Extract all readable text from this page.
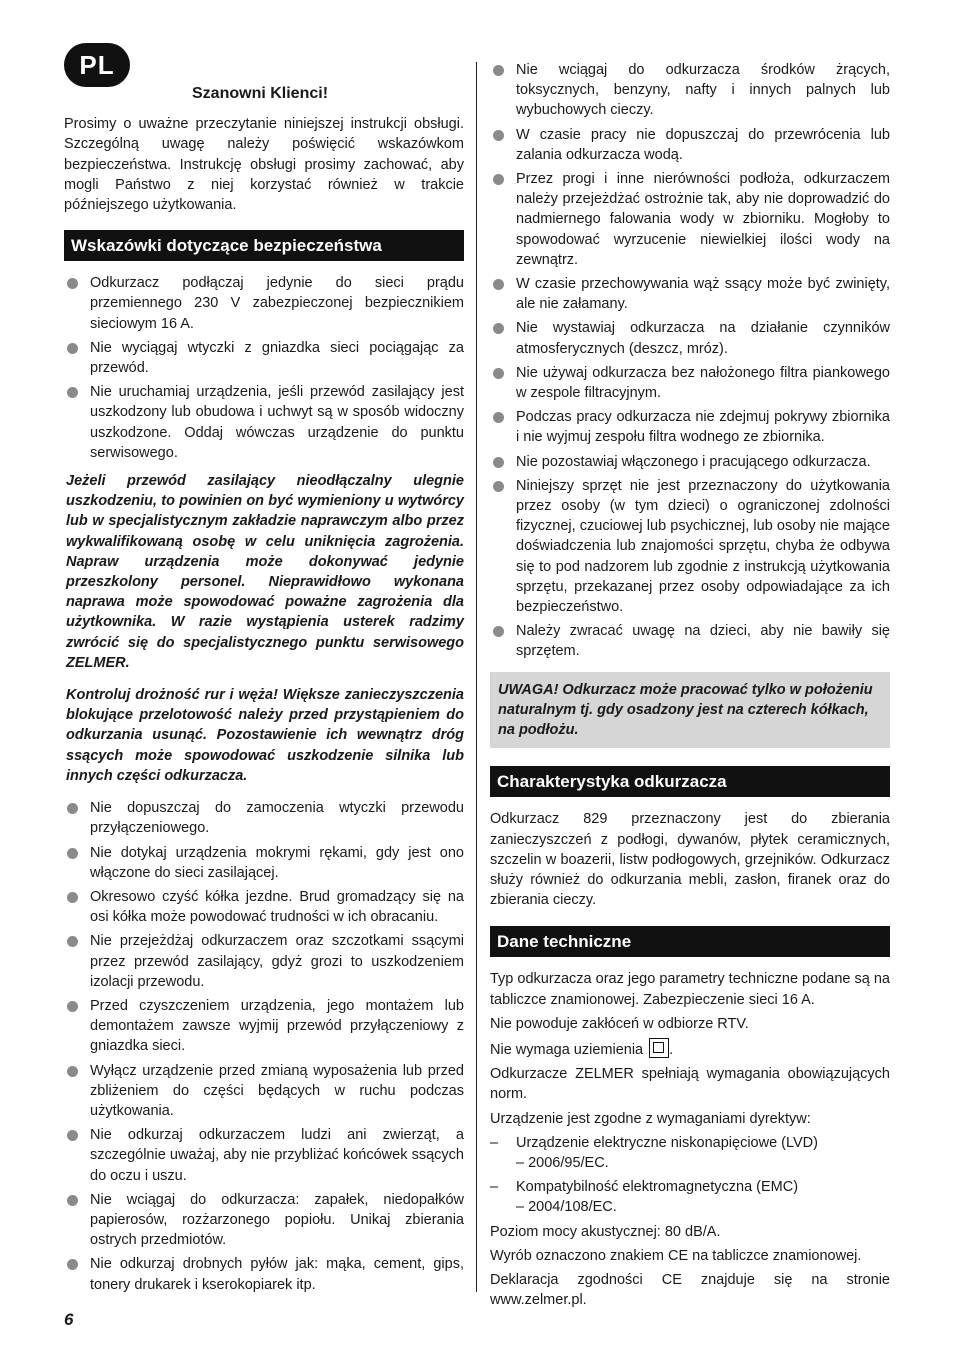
PL
Szanowni Klienci!

Prosimy o uważne przeczytanie niniejszej instrukcji obsługi. Szczególną uwagę należy poświęcić wskazówkom bezpieczeństwa. Instrukcję obsługi prosimy zachować, aby mogli Państwo z niej korzystać również w trakcie późniejszego użytkowania.

Wskazówki dotyczące bezpieczeństwa
Odkurzacz podłączaj jedynie do sieci prądu przemiennego 230 V zabezpieczonej bezpiecznikiem sieciowym 16 A.
Nie wyciągaj wtyczki z gniazdka sieci pociągając za przewód.
Nie uruchamiaj urządzenia, jeśli przewód zasilający jest uszkodzony lub obudowa i uchwyt są w sposób widoczny uszkodzone. Oddaj wówczas urządzenie do punktu serwisowego.

Jeżeli przewód zasilający nieodłączalny ulegnie uszkodzeniu, to powinien on być wymieniony u wytwórcy lub w specjalistycznym zakładzie naprawczym albo przez wykwalifikowaną osobę w celu uniknięcia zagrożenia. Napraw urządzenia może dokonywać jedynie przeszkolony personel. Nieprawidłowo wykonana naprawa może spowodować poważne zagrożenia dla użytkownika. W razie wystąpienia usterek radzimy zwrócić się do specjalistycznego punktu serwisowego ZELMER.

Kontroluj drożność rur i węża! Większe zanieczyszczenia blokujące przelotowość należy przed przystąpieniem do odkurzania usunąć. Pozostawienie ich wewnątrz dróg ssących może spowodować uszkodzenie silnika lub innych części odkurzacza.

Nie dopuszczaj do zamoczenia wtyczki przewodu przyłączeniowego.
Nie dotykaj urządzenia mokrymi rękami, gdy jest ono włączone do sieci zasilającej.
Okresowo czyść kółka jezdne. Brud gromadzący się na osi kółka może powodować trudności w ich obracaniu.
Nie przejeżdżaj odkurzaczem oraz szczotkami ssącymi przez przewód zasilający, gdyż grozi to uszkodzeniem izolacji przewodu.
Przed czyszczeniem urządzenia, jego montażem lub demontażem zawsze wyjmij przewód przyłączeniowy z gniazdka sieci.
Wyłącz urządzenie przed zmianą wyposażenia lub przed zbliżeniem do części będących w ruchu podczas użytkowania.
Nie odkurzaj odkurzaczem ludzi ani zwierząt, a szczególnie uważaj, aby nie przybliżać końcówek ssących do oczu i uszu.
Nie wciągaj do odkurzacza: zapałek, niedopałków papierosów, rozżarzonego popiołu. Unikaj zbierania ostrych przedmiotów.
Nie odkurzaj drobnych pyłów jak: mąka, cement, gips, tonery drukarek i kserokopiarek itp.
Nie wciągaj do odkurzacza środków żrących, toksycznych, benzyny, nafty i innych palnych lub wybuchowych cieczy.
W czasie pracy nie dopuszczaj do przewrócenia lub zalania odkurzacza wodą.
Przez progi i inne nierówności podłoża, odkurzaczem należy przejeżdżać ostrożnie tak, aby nie doprowadzić do nadmiernego falowania wody w zbiorniku. Mogłoby to spowodować wyrzucenie niewielkiej ilości wody na zewnątrz.
W czasie przechowywania wąż ssący może być zwinięty, ale nie załamany.
Nie wystawiaj odkurzacza na działanie czynników atmosferycznych (deszcz, mróz).
Nie używaj odkurzacza bez nałożonego filtra piankowego w zespole filtracyjnym.
Podczas pracy odkurzacza nie zdejmuj pokrywy zbiornika i nie wyjmuj zespołu filtra wodnego ze zbiornika.
Nie pozostawiaj włączonego i pracującego odkurzacza.
Niniejszy sprzęt nie jest przeznaczony do użytkowania przez osoby (w tym dzieci) o ograniczonej zdolności fizycznej, czuciowej lub psychicznej, lub osoby nie mające doświadczenia lub znajomości sprzętu, chyba że odbywa się to pod nadzorem lub zgodnie z instrukcją użytkowania sprzętu, przekazanej przez osoby odpowiadające za ich bezpieczeństwo.
Należy zwracać uwagę na dzieci, aby nie bawiły się sprzętem.
UWAGA! Odkurzacz może pracować tylko w położeniu naturalnym tj. gdy osadzony jest na czterech kółkach, na podłożu.
Charakterystyka odkurzacza

Odkurzacz 829 przeznaczony jest do zbierania zanieczyszczeń z podłogi, dywanów, płytek ceramicznych, szczelin w boazerii, listw podłogowych, grzejników. Odkurzacz służy również do odkurzania mebli, zasłon, firanek oraz do zbierania cieczy.

Dane techniczne

Typ odkurzacza oraz jego parametry techniczne podane są na tabliczce znamionowej. Zabezpieczenie sieci 16 A.

Nie powoduje zakłóceń w odbiorze RTV.

Nie wymaga uziemienia .

Odkurzacze ZELMER spełniają wymagania obowiązujących norm.

Urządzenie jest zgodne z wymaganiami dyrektyw:

– Urządzenie elektryczne niskonapięciowe (LVD)
– 2006/95/EC.
– Kompatybilność elektromagnetyczna (EMC)
– 2004/108/EC.

Poziom mocy akustycznej: 80 dB/A.

Wyrób oznaczono znakiem CE na tabliczce znamionowej.

Deklaracja zgodności CE znajduje się na stronie www.zelmer.pl.

6
